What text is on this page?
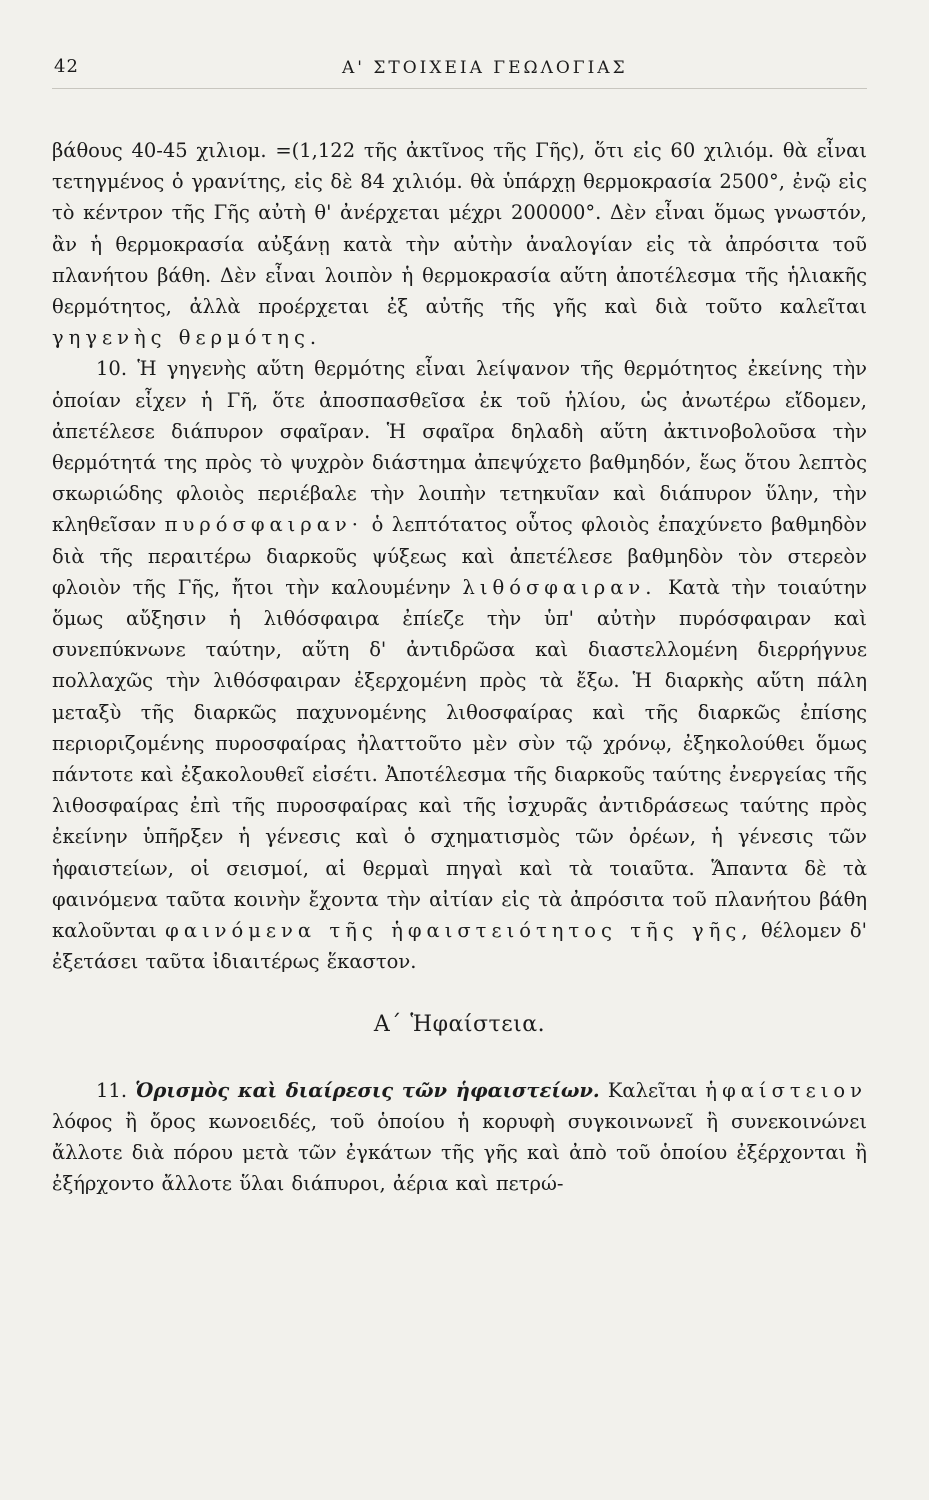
42	Α' ΣΤΟΙΧΕΙΑ ΓΕΩΛΟΓΙΑΣ

βάθους 40-45 χιλιομ. =(1,122 τῆς ἀκτῖνος τῆς Γῆς), ὅτι εἰς 60 χιλιόμ. θὰ εἶναι τετηγμένος ὁ γρανίτης, εἰς δὲ 84 χιλιόμ. θὰ ὑπάρχῃ θερμοκρασία 2500°, ἐνῷ εἰς τὸ κέντρον τῆς Γῆς αὐτὴ θ' ἀνέρχεται μέχρι 200000°. Δὲν εἶναι ὅμως γνωστόν, ἂν ἡ θερμοκρασία αὐξάνῃ κατὰ τὴν αὐτὴν ἀναλογίαν εἰς τὰ ἀπρόσιτα τοῦ πλανήτου βάθη. Δὲν εἶναι λοιπὸν ἡ θερμοκρασία αὕτη ἀποτέλεσμα τῆς ἡλιακῆς θερμότητος, ἀλλὰ προέρχεται ἐξ αὐτῆς τῆς γῆς καὶ διὰ τοῦτο καλεῖται γηγενὴς θερμότης.

10. Ἡ γηγενὴς αὕτη θερμότης εἶναι λείψανον τῆς θερμότητος ἐκείνης τὴν ὁποίαν εἶχεν ἡ Γῆ, ὅτε ἀποσπασθεῖσα ἐκ τοῦ ἡλίου, ὡς ἀνωτέρω εἴδομεν, ἀπετέλεσε διάπυρον σφαῖραν. Ἡ σφαῖρα δηλαδὴ αὕτη ἀκτινοβολοῦσα τὴν θερμότητά της πρὸς τὸ ψυχρὸν διάστημα ἀπεψύχετο βαθμηδόν, ἕως ὅτου λεπτὸς σκωριώδης φλοιὸς περιέβαλε τὴν λοιπὴν τετηκυῖαν καὶ διάπυρον ὕλην, τὴν κληθεῖσαν πυρόσφαιραν· ὁ λεπτότατος οὗτος φλοιὸς ἐπαχύνετο βαθμηδὸν διὰ τῆς περαιτέρω διαρκοῦς ψύξεως καὶ ἀπετέλεσε βαθμηδὸν τὸν στερεὸν φλοιὸν τῆς Γῆς, ἤτοι τὴν καλουμένην λιθόσφαιραν. Κατὰ τὴν τοιαύτην ὅμως αὔξησιν ἡ λιθόσφαιρα ἐπίεζε τὴν ὑπ' αὐτὴν πυρόσφαιραν καὶ συνεπύκνωνε ταύτην, αὕτη δ' ἀντιδρῶσα καὶ διαστελλομένη διερρήγνυε πολλαχῶς τὴν λιθόσφαιραν ἐξερχομένη πρὸς τὰ ἔξω. Ἡ διαρκὴς αὕτη πάλη μεταξὺ τῆς διαρκῶς παχυνομένης λιθοσφαίρας καὶ τῆς διαρκῶς ἐπίσης περιοριζομένης πυροσφαίρας ἠλαττοῦτο μὲν σὺν τῷ χρόνῳ, ἐξηκολούθει ὅμως πάντοτε καὶ ἐξακολουθεῖ εἰσέτι. Ἀποτέλεσμα τῆς διαρκοῦς ταύτης ἐνεργείας τῆς λιθοσφαίρας ἐπὶ τῆς πυροσφαίρας καὶ τῆς ἰσχυρᾶς ἀντιδράσεως ταύτης πρὸς ἐκείνην ὑπῆρξεν ἡ γένεσις καὶ ὁ σχηματισμὸς τῶν ὀρέων, ἡ γένεσις τῶν ἡφαιστείων, οἱ σεισμοί, αἱ θερμαὶ πηγαὶ καὶ τὰ τοιαῦτα. Ἅπαντα δὲ τὰ φαινόμενα ταῦτα κοινὴν ἔχοντα τὴν αἰτίαν εἰς τὰ ἀπρόσιτα τοῦ πλανήτου βάθη καλοῦνται φαινόμενα τῆς ἡφαιστειότητος τῆς γῆς, θέλομεν δ' ἐξετάσει ταῦτα ἰδιαιτέρως ἕκαστον.

Α΄ Ἡφαίστεια.

11. Ὁρισμὸς καὶ διαίρεσις τῶν ἡφαιστείων. Καλεῖται ἡφαίστειον λόφος ἢ ὄρος κωνοειδές, τοῦ ὁποίου ἡ κορυφὴ συγκοινωνεῖ ἢ συνεκοινώνει ἄλλοτε διὰ πόρου μετὰ τῶν ἐγκάτων τῆς γῆς καὶ ἀπὸ τοῦ ὁποίου ἐξέρχονται ἢ ἐξήρχοντο ἄλλοτε ὕλαι διάπυροι, ἀέρια καὶ πετρώ-
